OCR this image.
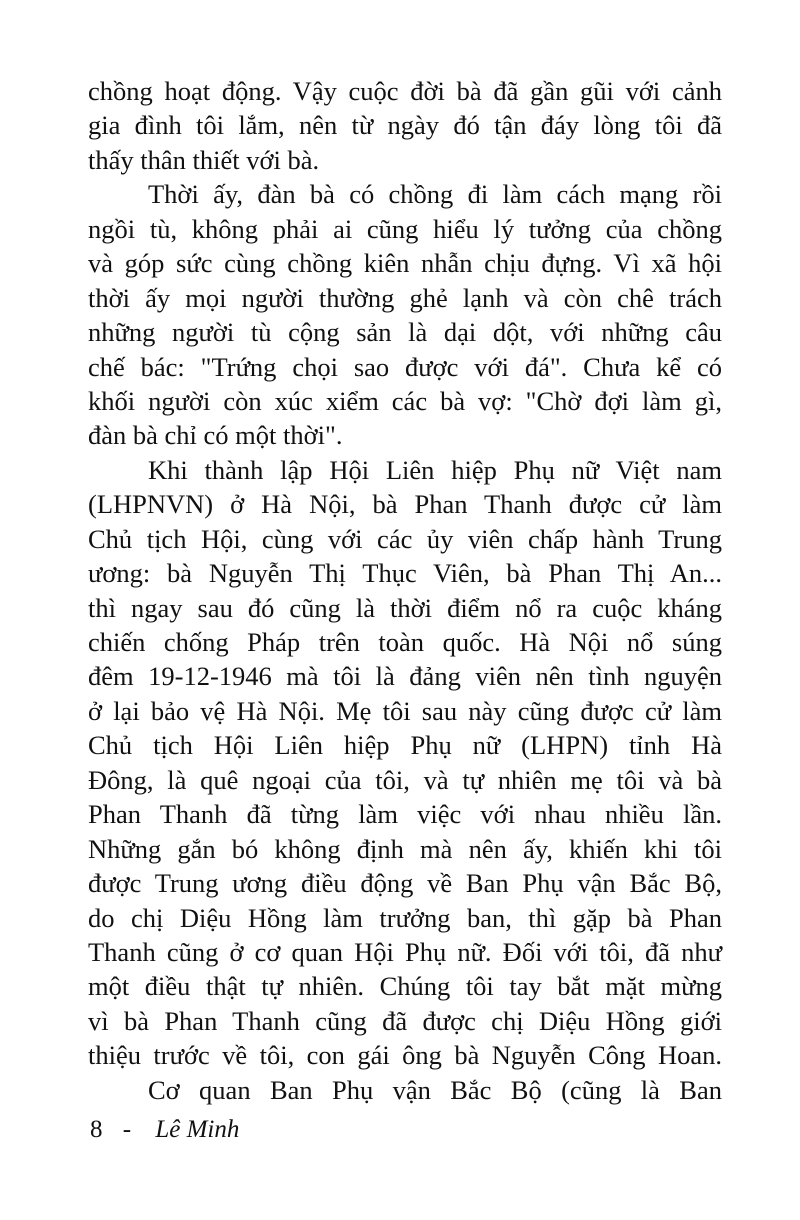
chồng hoạt động. Vậy cuộc đời bà đã gần gũi với cảnh
gia đình tôi lắm, nên từ ngày đó tận đáy lòng tôi đã
thấy thân thiết với bà.
Thời ấy, đàn bà có chồng đi làm cách mạng rồi
ngồi tù, không phải ai cũng hiểu lý tưởng của chồng
và góp sức cùng chồng kiên nhẫn chịu đựng. Vì xã hội
thời ấy mọi người thường ghẻ lạnh và còn chê trách
những người tù cộng sản là dại dột, với những câu
chế bác: "Trứng chọi sao được với đá". Chưa kể có
khối người còn xúc xiểm các bà vợ: "Chờ đợi làm gì,
đàn bà chỉ có một thời".
Khi thành lập Hội Liên hiệp Phụ nữ Việt nam
(LHPNVN) ở Hà Nội, bà Phan Thanh được cử làm
Chủ tịch Hội, cùng với các ủy viên chấp hành Trung
ương: bà Nguyễn Thị Thục Viên, bà Phan Thị An...
thì ngay sau đó cũng là thời điểm nổ ra cuộc kháng
chiến chống Pháp trên toàn quốc. Hà Nội nổ súng
đêm 19-12-1946 mà tôi là đảng viên nên tình nguyện
ở lại bảo vệ Hà Nội. Mẹ tôi sau này cũng được cử làm
Chủ tịch Hội Liên hiệp Phụ nữ (LHPN) tỉnh Hà
Đông, là quê ngoại của tôi, và tự nhiên mẹ tôi và bà
Phan Thanh đã từng làm việc với nhau nhiều lần.
Những gắn bó không định mà nên ấy, khiến khi tôi
được Trung ương điều động về Ban Phụ vận Bắc Bộ,
do chị Diệu Hồng làm trưởng ban, thì gặp bà Phan
Thanh cũng ở cơ quan Hội Phụ nữ. Đối với tôi, đã như
một điều thật tự nhiên. Chúng tôi tay bắt mặt mừng
vì bà Phan Thanh cũng đã được chị Diệu Hồng giới
thiệu trước về tôi, con gái ông bà Nguyễn Công Hoan.
Cơ quan Ban Phụ vận Bắc Bộ (cũng là Ban
8 - Lê Minh
